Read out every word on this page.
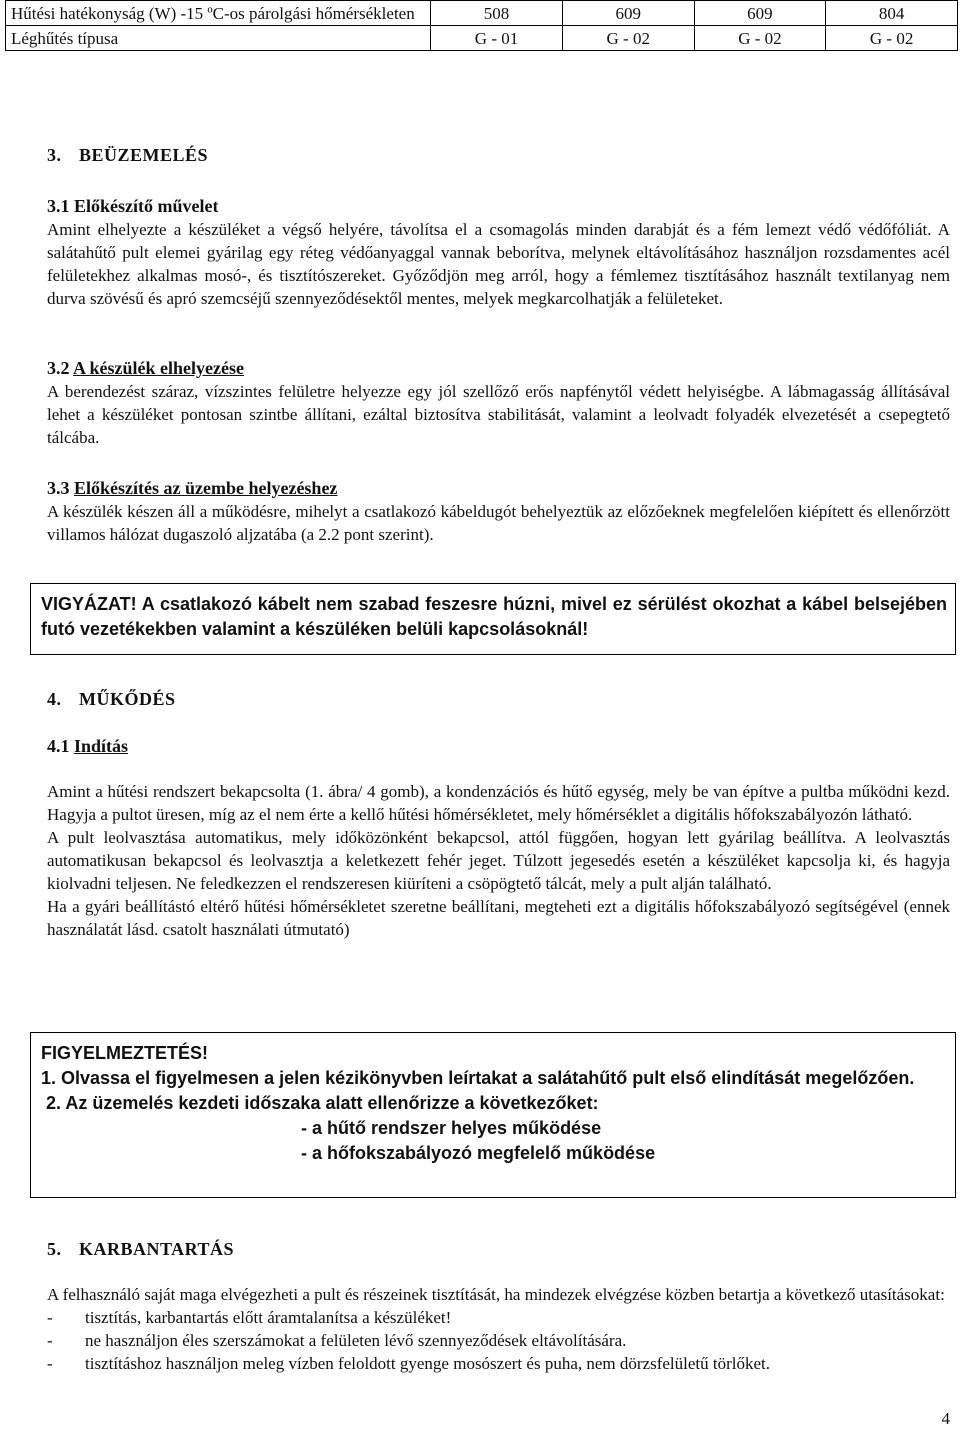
Hűtési hatékonyság (W) -15 ºC-os párolgási hőmérsékleten	508	609	609	804
Léghűtés típusa	G - 01	G - 02	G - 02	G - 02
3. BEÜZEMELÉS
3.1 Előkészítő művelet
Amint elhelyezte a készüléket a végső helyére, távolítsa el a csomagolás minden darabját és a fém lemezt védő védőfóliát. A salátahűtő pult elemei gyárilag egy réteg védőanyaggal vannak beborítva, melynek eltávolításához használjon rozsdamentes acél felületekhez alkalmas mosó-, és tisztítószereket. Győződjön meg arról, hogy a fémlemez tisztításához használt textilanyag nem durva szövésű és apró szemcséjű szennyeződésektől mentes, melyek megkarcolhatják a felületeket.
3.2 A készülék elhelyezése
A berendezést száraz, vízszintes felületre helyezze egy jól szellőző erős napfénytől védett helyiségbe. A lábmagasság állításával lehet a készüléket pontosan szintbe állítani, ezáltal biztosítva stabilitását, valamint a leolvadt folyadék elvezetését a csepegtető tálcába.
3.3 Előkészítés az üzembe helyezéshez
A készülék készen áll a működésre, mihelyt a csatlakozó kábeldugót behelyeztük az előzőeknek megfelelően kiépített és ellenőrzött villamos hálózat dugaszoló aljzatába (a 2.2 pont szerint).
VIGYÁZAT! A csatlakozó kábelt nem szabad feszesre húzni, mivel ez sérülést okozhat a kábel belsejében futó vezetékekben valamint a készüléken belüli kapcsolásoknál!
4. MŰKŐDÉS
4.1 Indítás
Amint a hűtési rendszert bekapcsolta (1. ábra/ 4 gomb), a kondenzációs és hűtő egység, mely be van építve a pultba működni kezd. Hagyja a pultot üresen, míg az el nem érte a kellő hűtési hőmérsékletet, mely hőmérséklet a digitális hőfokszabályozón látható.
A pult leolvasztása automatikus, mely időközönként bekapcsol, attól függően, hogyan lett gyárilag beállítva. A leolvasztás automatikusan bekapcsol és leolvasztja a keletkezett fehér jeget. Túlzott jegesedés esetén a készüléket kapcsolja ki, és hagyja kiolvadni teljesen. Ne feledkezzen el rendszeresen kiüríteni a csöpögtető tálcát, mely a pult alján található.
Ha a gyári beállítástó eltérő hűtési hőmérsékletet szeretne beállítani, megteheti ezt a digitális hőfokszabályozó segítségével (ennek használatát lásd. csatolt használati útmutató)
FIGYELMEZTETÉS!
1. Olvassa el figyelmesen a jelen kézikönyvben leírtakat a salátahűtő pult első elindítását megelőzően.
2. Az üzemelés kezdeti időszaka alatt ellenőrizze a következőket:
- a hűtő rendszer helyes működése
- a hőfokszabályozó megfelelő működése
5. KARBANTARTÁS
A felhasználó saját maga elvégezheti a pult és részeinek tisztítását, ha mindezek elvégzése közben betartja a következő utasításokat:
- tisztítás, karbantartás előtt áramtalanítsa a készüléket!
- ne használjon éles szerszámokat a felületen lévő szennyeződések eltávolítására.
- tisztításhoz használjon meleg vízben feloldott gyenge mosószert és puha, nem dörzsfelületű törlőket.
4
